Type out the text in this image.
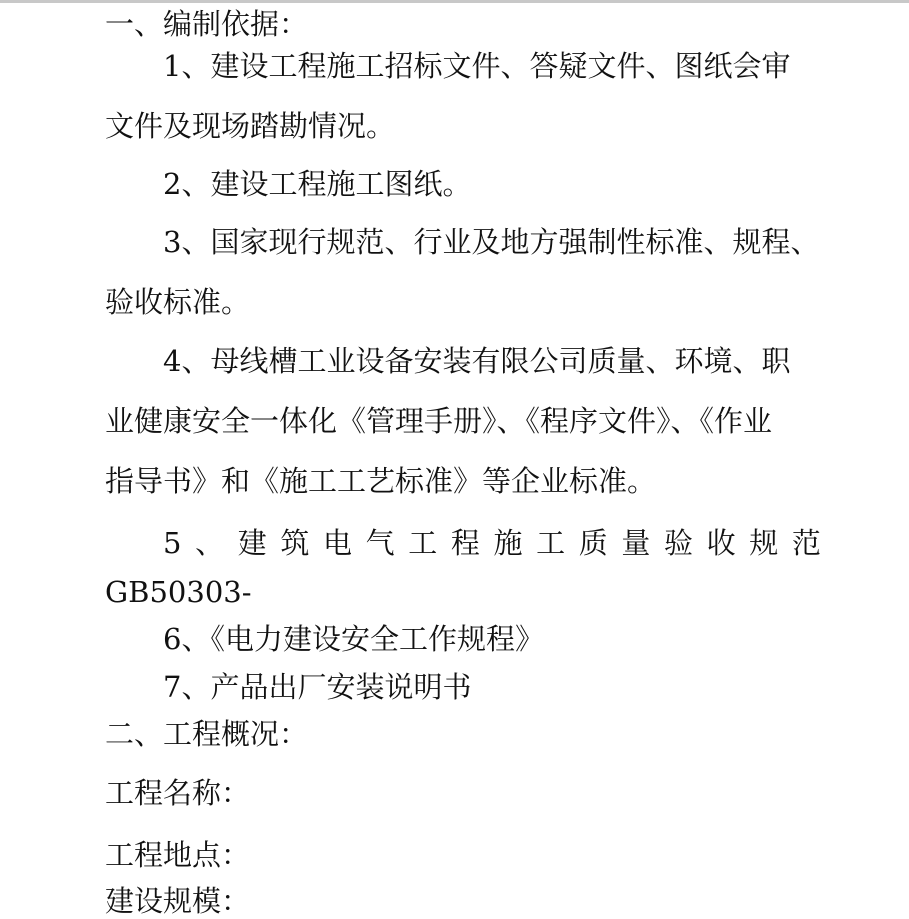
一、编制依据：
1、建设工程施工招标文件、答疑文件、图纸会审
文件及现场踏勘情况。
2、建设工程施工图纸。
3、国家现行规范、行业及地方强制性标准、规程、
验收标准。
4、母线槽工业设备安装有限公司质量、环境、职
业健康安全一体化《管理手册》、《程序文件》、《作业
指导书》和《施工工艺标准》等企业标准。
5 、 建 筑 电 气 工 程 施 工 质 量 验 收 规 范
GB50303-
6、《电力建设安全工作规程》
7、产品出厂安装说明书
二、工程概况：
工程名称：
工程地点：
建设规模：
